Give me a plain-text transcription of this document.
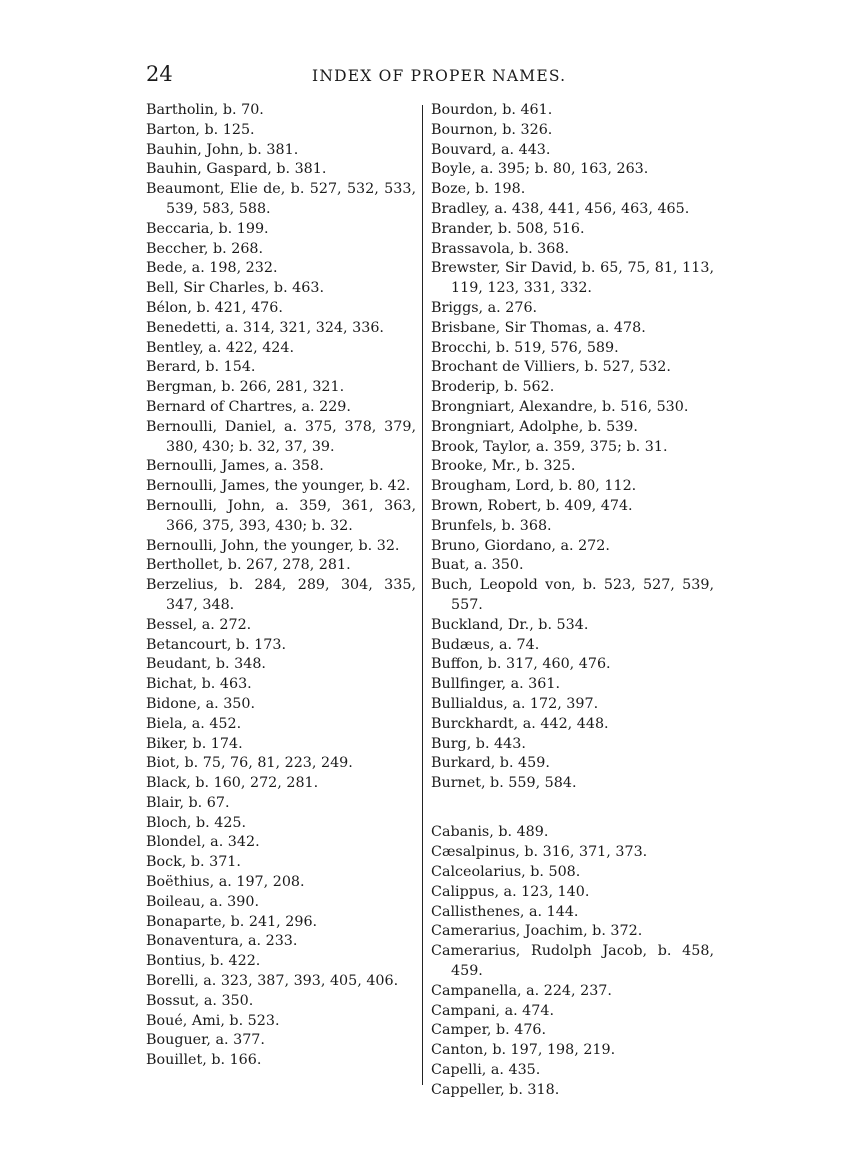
24	INDEX OF PROPER NAMES.
Bartholin, b. 70.
Barton, b. 125.
Bauhin, John, b. 381.
Bauhin, Gaspard, b. 381.
Beaumont, Elie de, b. 527, 532, 533, 539, 583, 588.
Beccaria, b. 199.
Beccher, b. 268.
Bede, a. 198, 232.
Bell, Sir Charles, b. 463.
Bélon, b. 421, 476.
Benedetti, a. 314, 321, 324, 336.
Bentley, a. 422, 424.
Berard, b. 154.
Bergman, b. 266, 281, 321.
Bernard of Chartres, a. 229.
Bernoulli, Daniel, a. 375, 378, 379, 380, 430; b. 32, 37, 39.
Bernoulli, James, a. 358.
Bernoulli, James, the younger, b. 42.
Bernoulli, John, a. 359, 361, 363, 366, 375, 393, 430; b. 32.
Bernoulli, John, the younger, b. 32.
Berthollet, b. 267, 278, 281.
Berzelius, b. 284, 289, 304, 335, 347, 348.
Bessel, a. 272.
Betancourt, b. 173.
Beudant, b. 348.
Bichat, b. 463.
Bidone, a. 350.
Biela, a. 452.
Biker, b. 174.
Biot, b. 75, 76, 81, 223, 249.
Black, b. 160, 272, 281.
Blair, b. 67.
Bloch, b. 425.
Blondel, a. 342.
Bock, b. 371.
Boëthius, a. 197, 208.
Boileau, a. 390.
Bonaparte, b. 241, 296.
Bonaventura, a. 233.
Bontius, b. 422.
Borelli, a. 323, 387, 393, 405, 406.
Bossut, a. 350.
Boué, Ami, b. 523.
Bouguer, a. 377.
Bouillet, b. 166.
Bourdon, b. 461.
Bournon, b. 326.
Bouvard, a. 443.
Boyle, a. 395; b. 80, 163, 263.
Boze, b. 198.
Bradley, a. 438, 441, 456, 463, 465.
Brander, b. 508, 516.
Brassavola, b. 368.
Brewster, Sir David, b. 65, 75, 81, 113, 119, 123, 331, 332.
Briggs, a. 276.
Brisbane, Sir Thomas, a. 478.
Brocchi, b. 519, 576, 589.
Brochant de Villiers, b. 527, 532.
Broderip, b. 562.
Brongniart, Alexandre, b. 516, 530.
Brongniart, Adolphe, b. 539.
Brook, Taylor, a. 359, 375; b. 31.
Brooke, Mr., b. 325.
Brougham, Lord, b. 80, 112.
Brown, Robert, b. 409, 474.
Brunfels, b. 368.
Bruno, Giordano, a. 272.
Buat, a. 350.
Buch, Leopold von, b. 523, 527, 539, 557.
Buckland, Dr., b. 534.
Budæus, a. 74.
Buffon, b. 317, 460, 476.
Bullfinger, a. 361.
Bullialdus, a. 172, 397.
Burckhardt, a. 442, 448.
Burg, b. 443.
Burkard, b. 459.
Burnet, b. 559, 584.
Cabanis, b. 489.
Cæsalpinus, b. 316, 371, 373.
Calceolarius, b. 508.
Calippus, a. 123, 140.
Callisthenes, a. 144.
Camerarius, Joachim, b. 372.
Camerarius, Rudolph Jacob, b. 458, 459.
Campanella, a. 224, 237.
Campani, a. 474.
Camper, b. 476.
Canton, b. 197, 198, 219.
Capelli, a. 435.
Cappeller, b. 318.
